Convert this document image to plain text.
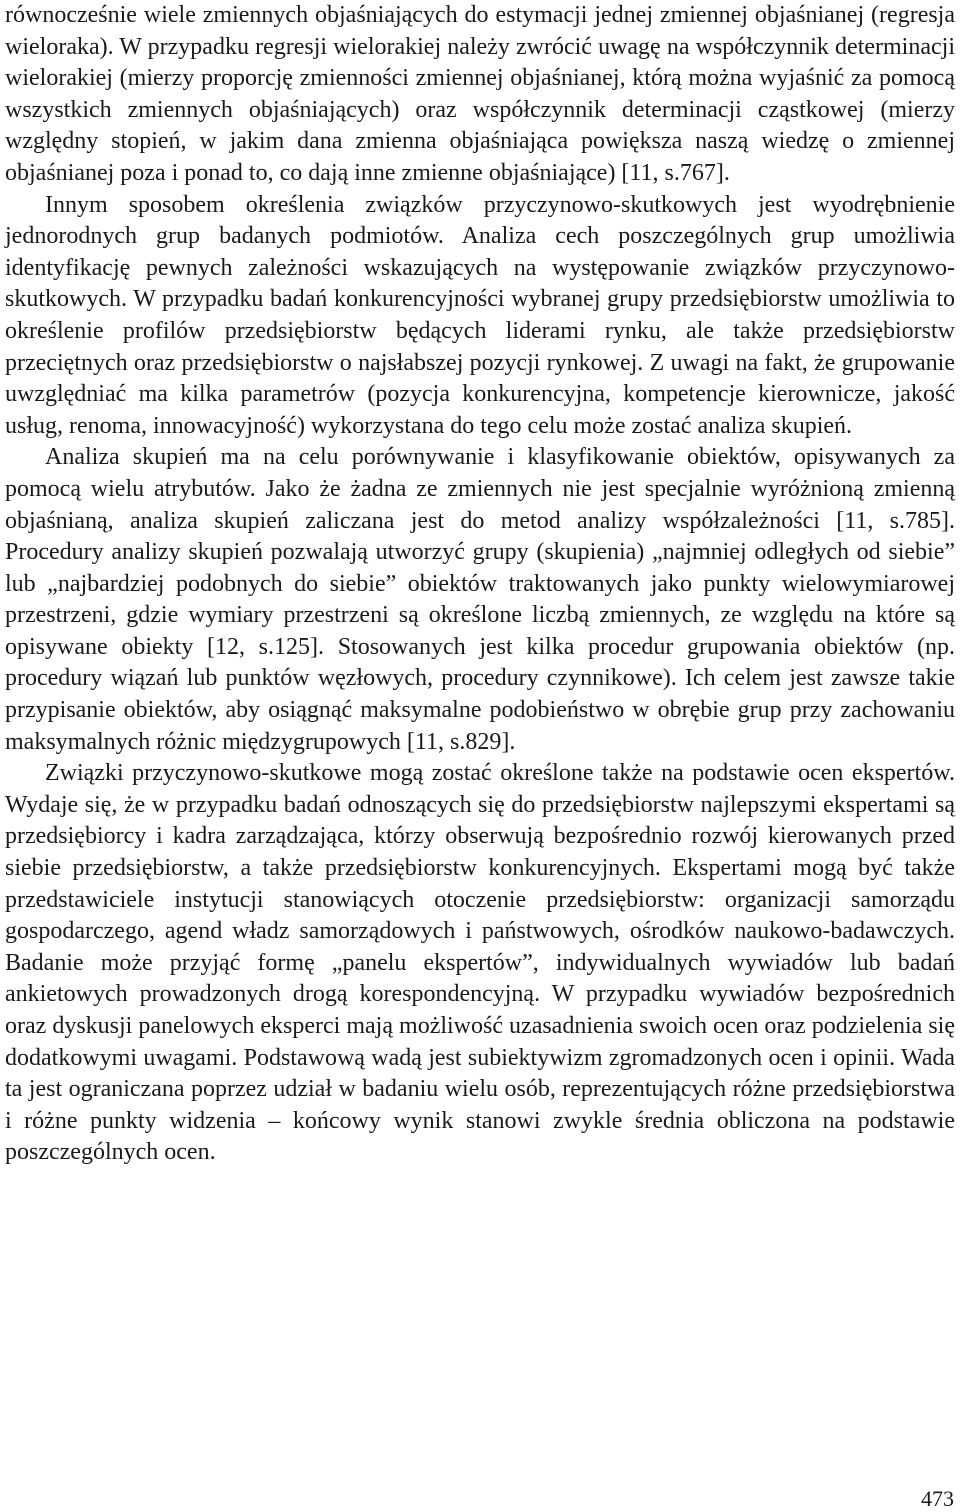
równocześnie wiele zmiennych objaśniających do estymacji jednej zmiennej objaśnianej (regresja wieloraka). W przypadku regresji wielorakiej należy zwrócić uwagę na współczynnik determinacji wielorakiej (mierzy proporcję zmienności zmiennej objaśnianej, którą można wyjaśnić za pomocą wszystkich zmiennych objaśniających) oraz współczynnik determinacji cząstkowej (mierzy względny stopień, w jakim dana zmienna objaśniająca powiększa naszą wiedzę o zmiennej objaśnianej poza i ponad to, co dają inne zmienne objaśniające) [11, s.767].

Innym sposobem określenia związków przyczynowo-skutkowych jest wyodrębnienie jednorodnych grup badanych podmiotów. Analiza cech poszczególnych grup umożliwia identyfikację pewnych zależności wskazujących na występowanie związków przyczynowo-skutkowych. W przypadku badań konkurencyjności wybranej grupy przedsiębiorstw umożliwia to określenie profilów przedsiębiorstw będących liderami rynku, ale także przedsiębiorstw przeciętnych oraz przedsiębiorstw o najsłabszej pozycji rynkowej. Z uwagi na fakt, że grupowanie uwzględniać ma kilka parametrów (pozycja konkurencyjna, kompetencje kierownicze, jakość usług, renoma, innowacyjność) wykorzystana do tego celu może zostać analiza skupień.

Analiza skupień ma na celu porównywanie i klasyfikowanie obiektów, opisywanych za pomocą wielu atrybutów. Jako że żadna ze zmiennych nie jest specjalnie wyróżnioną zmienną objaśnianą, analiza skupień zaliczana jest do metod analizy współzależności [11, s.785]. Procedury analizy skupień pozwalają utworzyć grupy (skupienia) „najmniej odległych od siebie” lub „najbardziej podobnych do siebie” obiektów traktowanych jako punkty wielowymiarowej przestrzeni, gdzie wymiary przestrzeni są określone liczbą zmiennych, ze względu na które są opisywane obiekty [12, s.125]. Stosowanych jest kilka procedur grupowania obiektów (np. procedury wiązań lub punktów węzłowych, procedury czynnikowe). Ich celem jest zawsze takie przypisanie obiektów, aby osiągnąć maksymalne podobieństwo w obrębie grup przy zachowaniu maksymalnych różnic międzygrupowych [11, s.829].

Związki przyczynowo-skutkowe mogą zostać określone także na podstawie ocen ekspertów. Wydaje się, że w przypadku badań odnoszących się do przedsiębiorstw najlepszymi ekspertami są przedsiębiorcy i kadra zarządzająca, którzy obserwują bezpośrednio rozwój kierowanych przed siebie przedsiębiorstw, a także przedsiębiorstw konkurencyjnych. Ekspertami mogą być także przedstawiciele instytucji stanowiących otoczenie przedsiębiorstw: organizacji samorządu gospodarczego, agend władz samorządowych i państwowych, ośrodków naukowo-badawczych. Badanie może przyjąć formę „panelu ekspertów”, indywidualnych wywiadów lub badań ankietowych prowadzonych drogą korespondencyjną. W przypadku wywiadów bezpośrednich oraz dyskusji panelowych eksperci mają możliwość uzasadnienia swoich ocen oraz podzielenia się dodatkowymi uwagami. Podstawową wadą jest subiektywizm zgromadzonych ocen i opinii. Wada ta jest ograniczana poprzez udział w badaniu wielu osób, reprezentujących różne przedsiębiorstwa i różne punkty widzenia – końcowy wynik stanowi zwykle średnia obliczona na podstawie poszczególnych ocen.

473
